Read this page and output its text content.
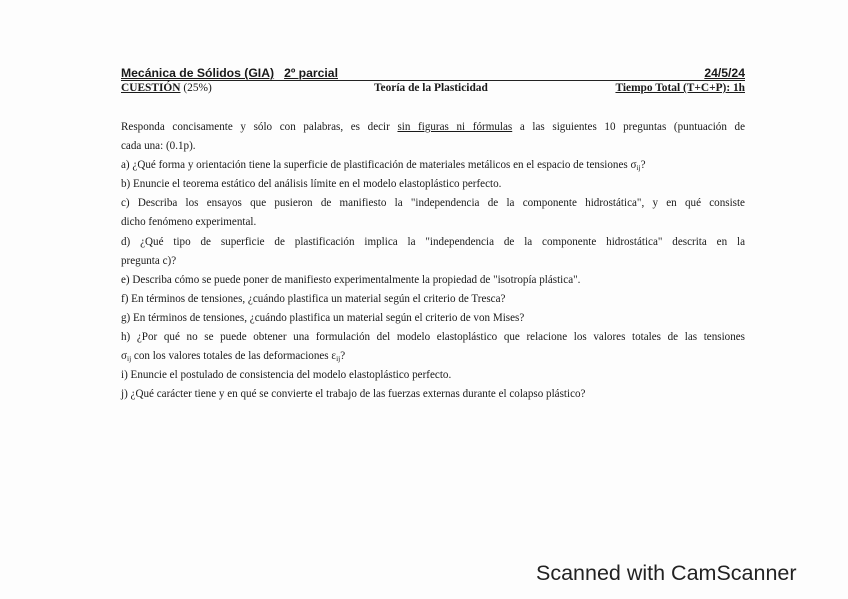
Mecánica de Sólidos (GIA) 2º parcial	24/5/24
CUESTIÓN (25%)	Teoría de la Plasticidad	Tiempo Total (T+C+P): 1h
Responda concisamente y sólo con palabras, es decir sin figuras ni fórmulas a las siguientes 10 preguntas (puntuación de
cada una: (0.1p).
a) ¿Qué forma y orientación tiene la superficie de plastificación de materiales metálicos en el espacio de tensiones $\sigma_{ij}$?
b) Enuncie el teorema estático del análisis límite en el modelo elastoplástico perfecto.
c) Describa los ensayos que pusieron de manifiesto la "independencia de la componente hidrostática", y en qué consiste
dicho fenómeno experimental.
d) ¿Qué tipo de superficie de plastificación implica la "independencia de la componente hidrostática" descrita en la
pregunta c)?
e) Describa cómo se puede poner de manifiesto experimentalmente la propiedad de "isotropía plástica".
f) En términos de tensiones, ¿cuándo plastifica un material según el criterio de Tresca?
g) En términos de tensiones, ¿cuándo plastifica un material según el criterio de von Mises?
h) ¿Por qué no se puede obtener una formulación del modelo elastoplástico que relacione los valores totales de las tensiones
$\sigma_{ij}$ con los valores totales de las deformaciones $\varepsilon_{ij}$?
i) Enuncie el postulado de consistencia del modelo elastoplástico perfecto.
j) ¿Qué carácter tiene y en qué se convierte el trabajo de las fuerzas externas durante el colapso plástico?
Scanned with CamScanner
